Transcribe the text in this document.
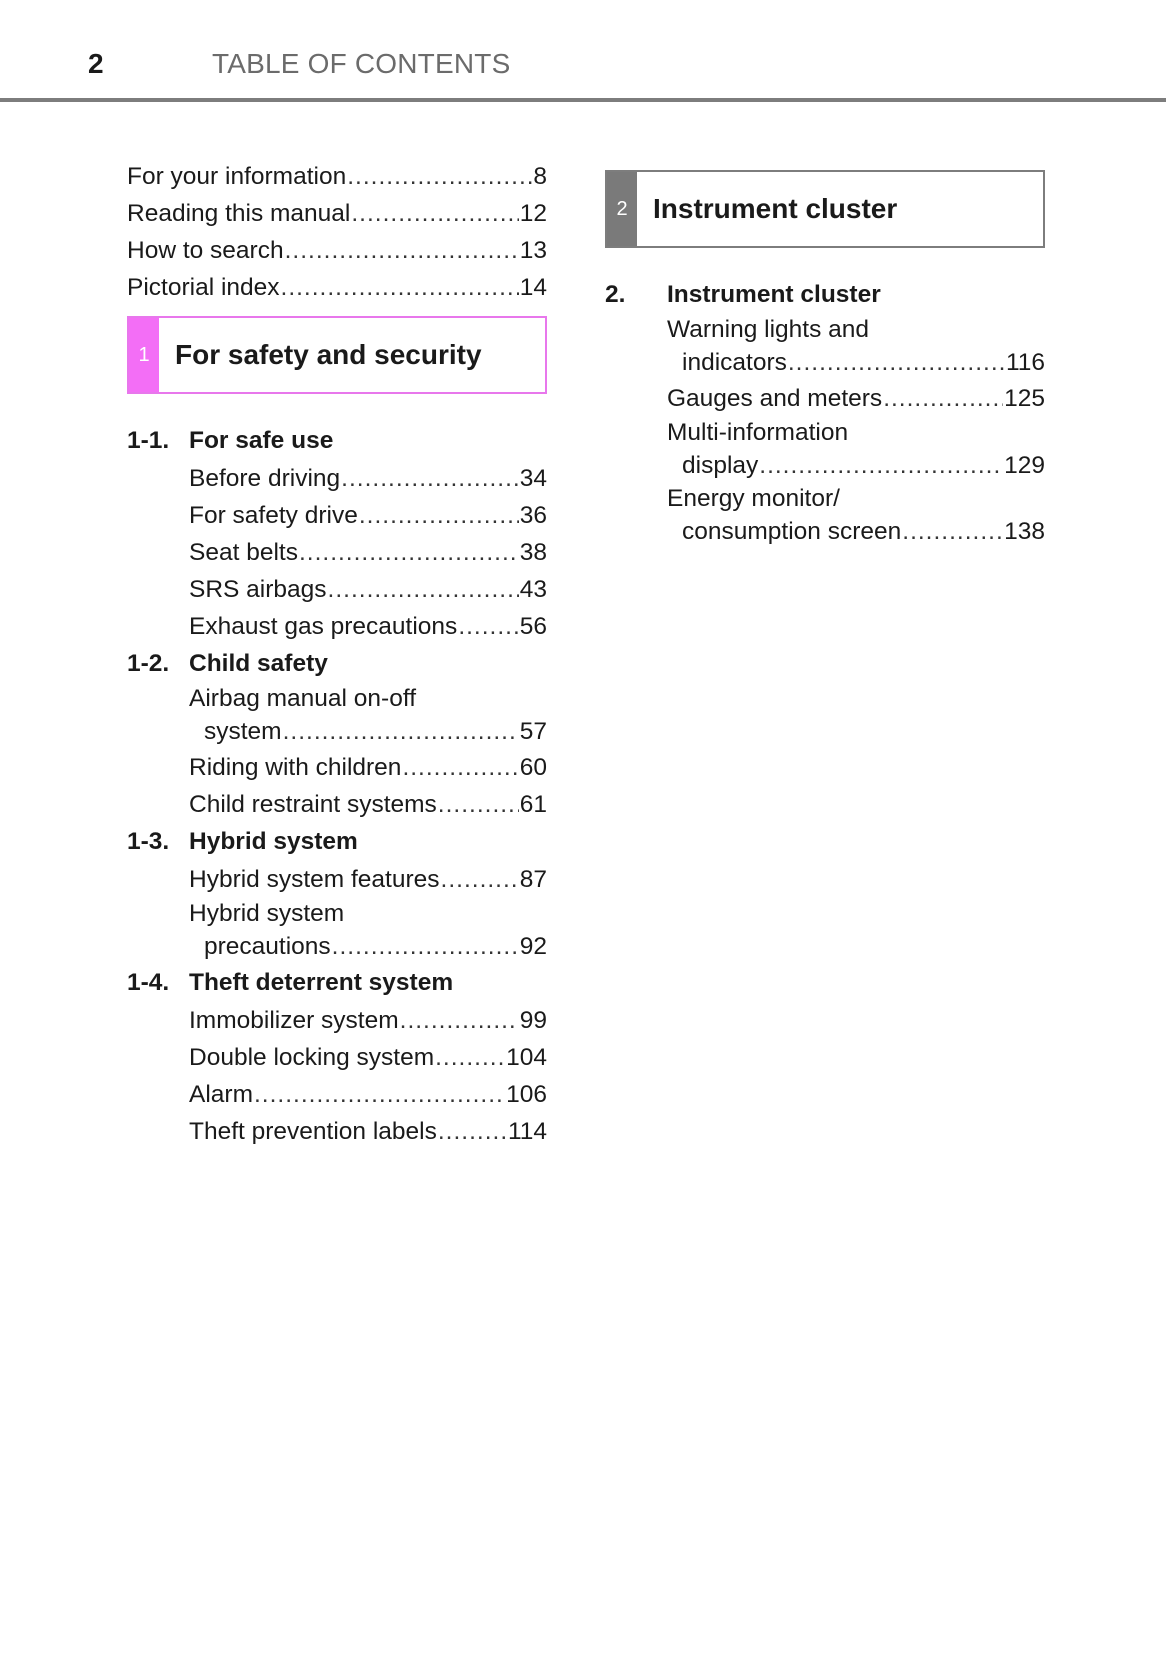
2	TABLE OF CONTENTS
For your information .....	8
Reading this manual .....	12
How to search .....	13
Pictorial index .....	14
1 For safety and security
1-1. For safe use
Before driving .....	34
For safety drive .....	36
Seat belts .....	38
SRS airbags .....	43
Exhaust gas precautions .....	56
1-2. Child safety
Airbag manual on-off
system .....	57
Riding with children .....	60
Child restraint systems .....	61
1-3. Hybrid system
Hybrid system features .....	87
Hybrid system
precautions .....	92
1-4. Theft deterrent system
Immobilizer system .....	99
Double locking system .....	104
Alarm .....	106
Theft prevention labels .....	114
2 Instrument cluster
2.	Instrument cluster
Warning lights and
indicators .....	116
Gauges and meters .....	125
Multi-information
display .....	129
Energy monitor/
consumption screen .....	138
